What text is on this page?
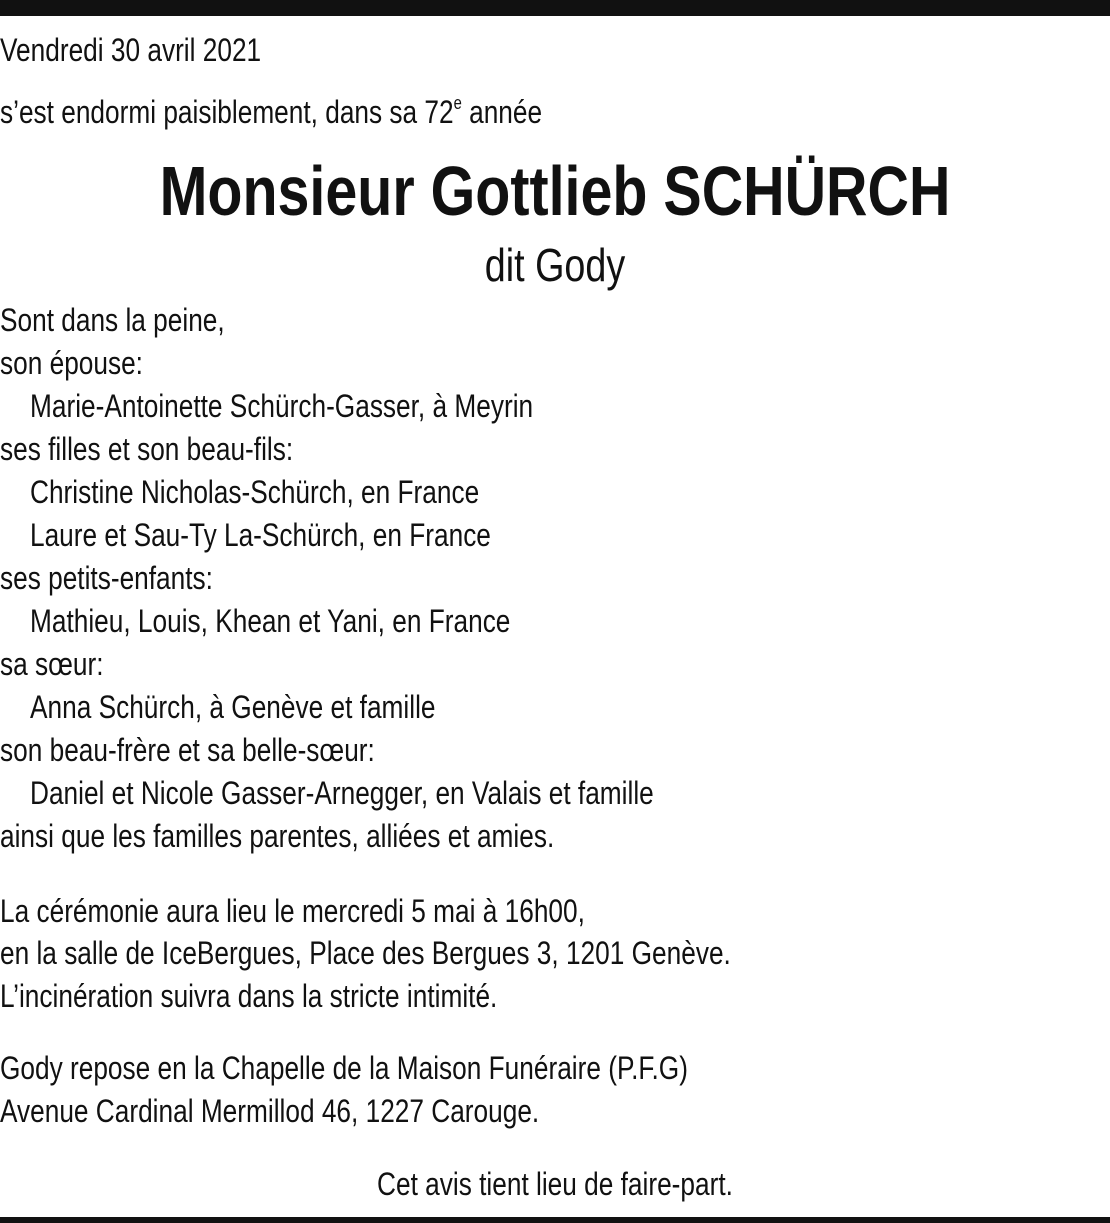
Vendredi 30 avril 2021
s’est endormi paisiblement, dans sa 72e année
Monsieur Gottlieb SCHÜRCH
dit Gody
Sont dans la peine,
son épouse:
Marie-Antoinette Schürch-Gasser, à Meyrin
ses filles et son beau-fils:
Christine Nicholas-Schürch, en France
Laure et Sau-Ty La-Schürch, en France
ses petits-enfants:
Mathieu, Louis, Khean et Yani, en France
sa sœur:
Anna Schürch, à Genève et famille
son beau-frère et sa belle-sœur:
Daniel et Nicole Gasser-Arnegger, en Valais et famille
ainsi que les familles parentes, alliées et amies.
La cérémonie aura lieu le mercredi 5 mai à 16h00,
en la salle de IceBergues, Place des Bergues 3, 1201 Genève.
L’incinération suivra dans la stricte intimité.
Gody repose en la Chapelle de la Maison Funéraire (P.F.G)
Avenue Cardinal Mermillod 46, 1227 Carouge.
Cet avis tient lieu de faire-part.
